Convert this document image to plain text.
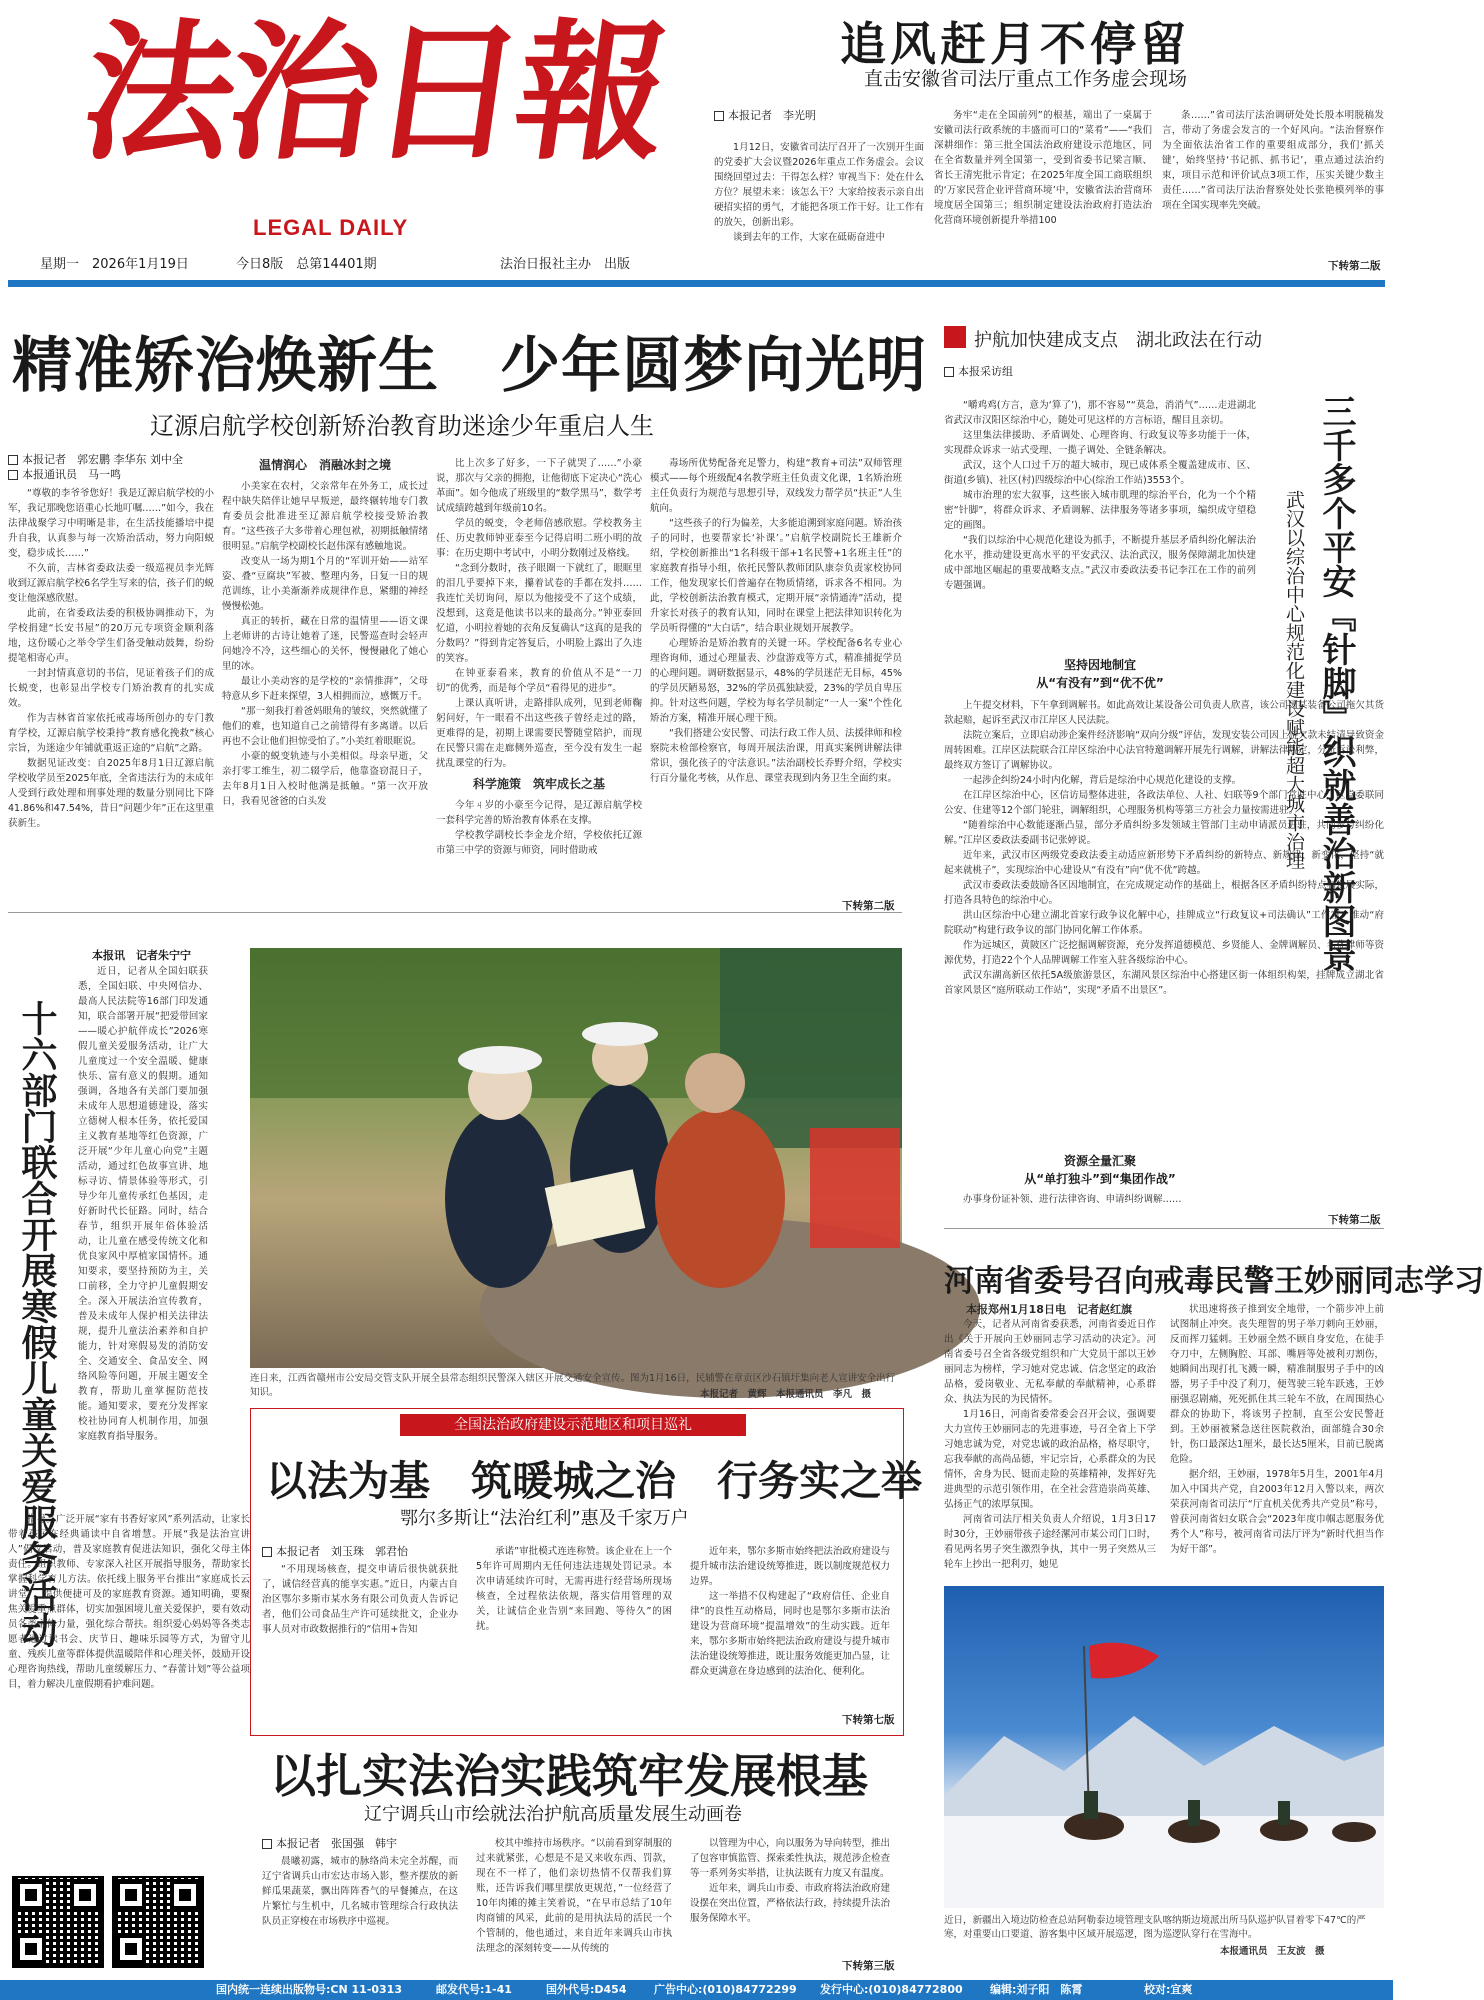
法治日報
LEGAL DAILY
星期一　2026年1月19日	今日8版　总第14401期	法治日报社主办　出版
追风赶月不停留
直击安徽省司法厅重点工作务虚会现场
本报记者　李光明

1月12日，安徽省司法厅召开了一次别开生面的党委扩大会议暨2026年重点工作务虚会。会议围绕回望过去：干得怎么样？审视当下：处在什么方位？展望未来：该怎么干？大家给按表示亲自出硬招实招的勇气，才能把各项工作干好。让工作有的放矢，创新出彩。

谈到去年的工作，大家在砥砺奋进中

务牢“走在全国前列”的根基，端出了一桌属于安徽司法行政系统的丰盛而可口的“菜肴”——“我们深耕细作：第三批全国法治政府建设示范地区，同在全省数量并列全国第一，受到省委书记梁言顺、省长王清宪批示肯定；在2025年度全国工商联组织的‘万家民营企业评营商环境’中，安徽省法治营商环境度居全国第三；组织制定建设法治政府打造法治化营商环境创新提升举措100

条……”省司法厅法治调研处处长殷本明脱稿发言，带动了务虚会发言的一个好风向。“法治督察作为全面依法治省工作的重要组成部分，我们‘抓关键’，始终坚持‘书记抓、抓书记’，重点通过法治约束，项目示范和评价试点3项工作，压实关键少数主责任……”省司法厅法治督察处处长张艳模列举的事项在全国实现率先突破。

下转第二版
精准矫治焕新生　少年圆梦向光明
辽源启航学校创新矫治教育助迷途少年重启人生
本报记者　郭宏鹏 李华东 刘中全
本报通讯员　马一鸣

“尊敬的李爷爷您好！我是辽源启航学校的小军，我记那晚您语重心长地叮嘱……”如今，我在法律战聚学习中明晰是非，在生活技能播培中提升自我，认真参与每一次矫治活动，努力向阳蜕变，稳步成长……”

不久前，吉林省委政法委一级巡视员李光辉收到辽源启航学校6名学生写来的信，孩子们的蜕变让他深感欣慰。

此前，在省委政法委的积极协调推动下，为学校捐建“长安书屋”的20万元专项资金顺利落地，这份暖心之举令学生们备受触动鼓舞，纷纷提笔相寄心声。

一封封情真意切的书信，见证着孩子们的成长蜕变，也彰显出学校专门矫治教育的扎实成效。

作为吉林省首家依托戒毒场所创办的专门教育学校，辽源启航学校秉持“教育感化挽救”核心宗旨，为迷途少年铺就重返正途的“启航”之路。

数据见证改变：自2025年8月1日辽源启航学校收学员至2025年底，全省违法行为的未成年人受到行政处理和刑事处理的数量分别同比下降41.86%和47.54%，昔日“问题少年”正在这里重获新生。

温情润心　消融冰封之境

小美家在农村，父亲常年在外务工，成长过程中缺失陪伴让她早早叛逆，最终辗转地专门教育委员会批准进至辽源启航学校接受矫治教育。“这些孩子大多带着心理包袱，初期抵触情绪很明显。”启航学校副校长赵伟深有感触地说。

改变从一场为期1个月的“军训开始——站军姿、叠“豆腐块”军被、整理内务，日复一日的规范训练，让小美渐渐养成规律作息，紧绷的神经慢慢松弛。

真正的转折，藏在日常的温情里——语文课上老师讲的古诗让她着了迷，民警巡查时会轻声问她冷不冷，这些细心的关怀，慢慢融化了她心里的冰。

最让小美动容的是学校的“亲情推湃”，父母特意从乡下赶来探望，3人相拥而泣，感慨万千。

“那一刻我打着爸妈眼角的皱纹，突然就懂了他们的难，也知道自己之前错得有多离谱。以后再也不会让他们担惊受怕了。”小美红着眼眶说。

小豪的蜕变轨迹与小美相似。母亲早逝，父亲打零工维生，初二辍学后，他靠盗窃混日子，去年8月1日入校时他满是抵触。“第一次开放日，我看见爸爸的白头发

比上次多了好多，一下子就哭了……”小豪说，那次与父亲的拥抱，让他彻底下定决心“洗心革面”。如今他成了班级里的“数学黑马”，数学考试成绩跨越到年级前10名。

学员的蜕变，令老师倍感欣慰。学校教务主任、历史教师钟亚泰至今记得启明二班小明的故事：在历史期中考试中，小明分数刚过及格线。

“念到分数时，孩子眼圈一下就红了，眼眶里的泪几乎要掉下来，攥着试卷的手都在发抖……我连忙关切询问，原以为他接受不了这个成绩，没想到，这竟是他读书以来的最高分。”钟亚泰回忆道，小明拉着她的衣角反复确认“这真的是我的分数吗？”得到肯定答复后，小明脸上露出了久违的笑容。

在钟亚泰看来，教育的价值从不是“一刀切”的优秀，而是每个学员“看得见的进步”。

上课认真听讲，走路排队成列，见到老师鞠躬问好，午一眼看不出这些孩子曾经走过的路，更难得的是，初期上课需要民警随堂陪护，而现在民警只需在走廊侧外巡查，至今没有发生一起扰乱课堂的行为。

科学施策　筑牢成长之基

今年ㄐ岁的小豪至今记得，是辽源启航学校一套科学完善的矫治教育体系在支撑。

学校教学副校长李金龙介绍，学校依托辽源市第三中学的资源与师资，同时借助戒

毒场所优势配备充足警力，构建“教育+司法”双师管理模式——每个班级配4名教学班主任负责文化课，1名矫治班主任负责行为规范与思想引导，双线发力帮学员“扶正”人生航向。

“这些孩子的行为偏差，大多能追溯到家庭问题。矫治孩子的同时，也要帮家长‘补课’。”启航学校副院长王雄新介绍，学校创新推出“1名科级干部+1名民警+1名班主任”的家庭教育指导小组，依托民警队教师团队康奈负责家校协同工作，他发现家长们普遍存在物质情绪，诉求各不相同。为此，学校创新法治教育模式，定期开展“亲情通涛”活动，提升家长对孩子的教育认知，同时在课堂上把法律知识转化为学员听得懂的“大白话”，结合职业规划开展教学。

心理矫治是矫治教育的关键一环。学校配备6名专业心理咨询师，通过心理量表、沙盘游戏等方式，精准捕捉学员的心理问题。调研数据显示，48%的学员迷茫无目标，45%的学员厌陋易怒，32%的学员孤独缺爱，23%的学员自卑压抑。针对这些问题，学校为每名学员制定“一人一案”个性化矫治方案，精准开展心理干预。

“我们搭建公安民警、司法行政工作人员、法援律师和检察院未检部检察官，每周开展法治课，用真实案例讲解法律常识，强化孩子的守法意识。”法治副校长乔野介绍，学校实行百分量化考核，从作息、课堂表现到内务卫生全面约束。

下转第二版
十六部门联合开展寒假儿童关爱服务活动
本报讯　记者朱宁宁

近日，记者从全国妇联获悉，全国妇联、中央网信办、最高人民法院等16部门印发通知，联合部署开展“把爱带回家——暖心护航伴成长”2026寒假儿童关爱服务活动，让广大儿童度过一个安全温暖、健康快乐、富有意义的假期。通知强调，各地各有关部门要加强未成年人思想道德建设，落实立德树人根本任务，依托爱国主义教育基地等红色资源，广泛开展“少年儿童心向党”主题活动，通过红色故事宣讲、地标寻访、情景体验等形式，引导少年儿童传承红色基因，走好新时代长征路。同时，结合春节，组织开展年俗体验活动，让儿童在感受传统文化和优良家风中厚植家国情怀。通知要求，要坚持预防为主，关口前移，全力守护儿童假期安全。深入开展法治宣传教育，普及未成年人保护相关法律法规，提升儿童法治素养和自护能力，针对寒假易发的消防安全、交通安全、食品安全、网络风险等问题，开展主题安全教育，帮助儿童掌握防范技能。通知要求，要充分发挥家校社协同育人机制作用，加强家庭教育指导服务。

指导。广泛开展“家有书香好家风”系列活动，让家长带着孩子在经典诵读中自省增慧。开展“我是法治宣讲人”倡议活动，普及家庭教育促进法知识，强化父母主体责任。组织教师、专家深入社区开展指导服务，帮助家长掌握科学育儿方法。依托线上服务平台推出“家庭成长云讲堂”，提供便捷可及的家庭教育资源。通知明确，要聚焦关爱重点群体，切实加强困境儿童关爱保护，要有效动员各类主体力量，强化综合帮扶。组织爱心妈妈等各类志愿者通过读书会、庆节日、趣味乐园等方式，为留守儿童、残疾儿童等群体提供温暖陪伴和心理关怀，鼓励开设心理咨询热线，帮助儿童缓解压力、“春蕾计划”等公益项目，着力解决儿童假期看护难问题。

连日来，江西省赣州市公安局交管支队开展全县常态组织民警深入辖区开展交通安全宣传。图为1月16日，民辅警在章贡区沙石镇圩集向老人宣讲安全出行知识。	本报记者　黄辉　本报通讯员　李凡　摄
全国法治政府建设示范地区和项目巡礼
以法为基　筑暖城之治　行务实之举
鄂尔多斯让“法治红利”惠及千家万户
本报记者　刘玉珠　郭君怡

“不用现场核查，提交申请后很快就获批了，诚信经营真的能享实惠。”近日，内蒙古自治区鄂尔多斯市某水务有限公司负责人告诉记者，他们公司食品生产许可延续批文，企业办事人员对市政数据推行的“信用+告知

承诺”审批模式连连称赞。该企业在上一个5年许可周期内无任何违法违规处罚记录。本次申请延续许可时，无需再进行经营场所现场核查，全过程依法依规，落实信用管理的双关，让诚信企业告别“来回跑、等待久”的困扰。

近年来，鄂尔多斯市始终把法治政府建设与提升城市法治建设统筹推进，既以制度规范权力边界。

这一举措不仅构建起了“政府信任、企业自律”的良性互动格局，同时也是鄂尔多斯市法治建设为营商环境“提温增效”的生动实践。近年来，鄂尔多斯市始终把法治政府建设与提升城市法治建设统筹推进，既让服务效能更加凸显，让群众更满意在身边感到的法治化、便利化。

下转第七版
以扎实法治实践筑牢发展根基
辽宁调兵山市绘就法治护航高质量发展生动画卷
本报记者　张国强　韩宇

晨曦初露，城市的脉络尚未完全苏醒，而辽宁省调兵山市宏达市场入影，整齐摆放的新鲜瓜果蔬菜，飘出阵阵香气的早餐摊点，在这片繁忙与生机中，几名城市管理综合行政执法队员正穿梭在市场秩序中巡视。

校其中维持市场秩序。“以前看到穿制服的过来就紧张，心想是不是又来收东西、罚款，现在不一样了，他们亲切热情不仅帮我们算账，还告诉我们哪里摆放更规范，”一位经营了10年肉摊的摊主笑着说，“在早市总结了10年肉商铺的风采，此前的是用执法局的活民一个个管制的，他也通过，来自近年来调兵山市执法理念的深刻转变——从传统的

以管理为中心，向以服务为导向转型，推出了包容审慎监管、探索柔性执法，规范涉企检查等一系列务实举措，让执法既有力度又有温度。

近年来，调兵山市委、市政府将法治政府建设摆在突出位置，严格依法行政，持续提升法治服务保障水平。

下转第三版
护航加快建成支点　湖北政法在行动
本报采访组
三千多个平安『针脚』织就善治新图景
武汉以综治中心规范化建设赋能超大城市治理

“嚼鸡鸡(方言，意为‘算了’)，那不容易”“莫急，消消气”……走进湖北省武汉市汉阳区综治中心，随处可见这样的方言标语，醒目且亲切。

这里集法律援助、矛盾调处、心理咨询、行政复议等多功能于一体，实现群众诉求一站式受理、一揽子调处、全链条解决。

武汉，这个人口过千万的超大城市，现已成体系全覆盖建成市、区、街道(乡镇)、社区(村)四级综治中心(综治工作站)3553个。

城市治理的宏大叙事，这些嵌入城市肌理的综治平台，化为一个个精密“针脚”，将群众诉求、矛盾调解、法律服务等诸多事项，编织成守望稳定的画图。

“我们以综治中心规范化建设为抓手，不断提升基层矛盾纠纷化解法治化水平，推动建设更高水平的平安武汉、法治武汉，服务保障湖北加快建成中部地区崛起的重要战略支点。”武汉市委政法委书记李江在工作的前列专题强调。

坚持因地制宜
从“有没有”到“优不优”

上午提交材料，下午拿到调解书。如此高效让某设备公司负责人欣喜，该公司因某装备公司拖欠其货款起赔，起诉至武汉市江岸区人民法院。

法院立案后，立即启动涉企案件经济影响“双向分级”评估，发现安装公司因上游欠款未结清导致资金周转困难。江岸区法院联合江岸区综治中心法官特邀调解开展先行调解，讲解法律规定，分析诉讼利弊，最终双方签订了调解协议。

一起涉企纠纷24小时内化解，背后是综治中心规范化建设的支撑。

在江岸区综治中心，区信访局整体进驻，各政法单位、人社、妇联等9个部门常驻中心，区党委联同公安、住建等12个部门轮驻，调解组织，心理服务机构等第三方社会力量按需进驻。

“随着综治中心数能逐渐凸显，部分矛盾纠纷多发领域主管部门主动申请派员进驻，共同参与纠纷化解。”江岸区委政法委副书记张婷说。

近年来，武汉市区两级党委政法委主动适应新形势下矛盾纠纷的新特点、新规律、新变化，坚持“就起来就桃子”，实现综治中心建设从“有没有”向“优不优”跨越。

武汉市委政法委鼓励各区因地制宜，在完成规定动作的基础上，根据各区矛盾纠纷特点和发展实际，打造各具特色的综治中心。

洪山区综治中心建立湖北首家行政争议化解中心，挂牌成立“行政复议+司法确认”工作室，推动“府院联动”构建行政争议的部门协同化解工作体系。

作为远城区，黄陂区广泛挖掘调解资源，充分发挥道德模范、乡贤能人、金牌调解员、名优律师等资源优势，打造22个个人品牌调解工作室入驻各级综治中心。

武汉东湖高新区依托5A级旅游景区，东湖风景区综治中心搭建区街一体组织构架，挂牌成立湖北省首家风景区“庭所联动工作站”，实现“矛盾不出景区”。

资源全量汇聚
从“单打独斗”到“集团作战”

办事身份证补领、进行法律咨询、申请纠纷调解……

下转第二版
河南省委号召向戒毒民警王妙丽同志学习
本报郑州1月18日电　记者赵红旗

今天，记者从河南省委获悉，河南省委近日作出《关于开展向王妙丽同志学习活动的决定》。河南省委号召全省各级党组织和广大党员干部以王妙丽同志为榜样，学习她对党忠诚、信念坚定的政治品格，爱岗敬业、无私奉献的奉献精神，心系群众、执法为民的为民情怀。

1月16日，河南省委常委会召开会议，强调要大力宣传王妙丽同志的先进事迹，号召全省上下学习她忠诚为党，对党忠诚的政治品格，格尽职守，忘我奉献的高尚品德，牢记宗旨，心系群众的为民情怀，舍身为民、铤而走险的英雄精神，发挥好先进典型的示范引领作用，在全社会营造崇尚英雄、弘扬正气的浓厚氛围。

河南省司法厅相关负责人介绍说，1月3日17时30分，王妙丽带孩子途经漯河市某公司门口时，看见两名男子突生激烈争执，其中一男子突然从三轮车上抄出一把利刃，她见

状迅速将孩子推到安全地带，一个箭步冲上前试图制止冲突。丧失理智的男子举刀刺向王妙丽，反而挥刀猛刺。王妙丽全然不顾自身安危，在徒手夺刀中，左侧胸腔、耳部、嘴唇等处被利刃割伤，她瞬间出现打扎飞溅一瞬，精准制服男子手中的凶器，男子手中没了利刀，便驾驶三轮车跃逃，王妙丽强忍剧痛，死死抓住其三轮车不放，在周围热心群众的协助下，将该男子控制，直至公安民警赶到。王妙丽被紧急送往医院救治，面部缝合30余针，伤口最深达1厘米，最长达5厘米，目前已脱离危险。

据介绍，王妙丽，1978年5月生，2001年4月加入中国共产党，自2003年12月入警以来，两次荣获河南省司法厅“厅直机关优秀共产党员”称号，曾获河南省妇女联合会“2023年度巾帼志愿服务优秀个人”称号，被河南省司法厅评为“新时代担当作为好干部”。

近日，新疆出入境边防检查总站阿勒泰边境管理支队喀纳斯边境派出所马队巡护队冒着零下47℃的严寒，对重要山口要道、游客集中区域开展巡逻，图为巡逻队穿行在雪海中。
本报通讯员　王友波　摄
国内统一连续出版物号:CN 11-0313	邮发代号:1-41	国外代号:D454	广告中心:(010)84772299 发行中心:(010)84772800 编辑:刘子阳　陈霄	校对:宜爽
